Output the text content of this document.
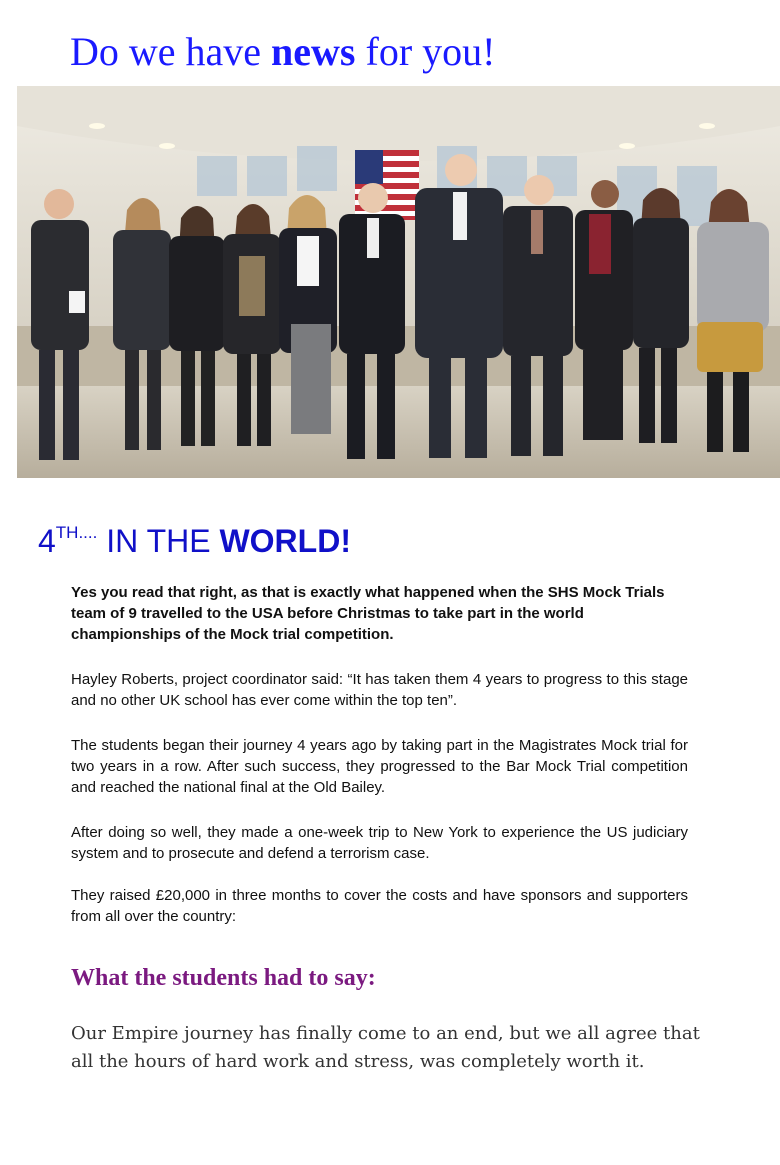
Do we have news for you!
$4^{TH....}$ IN THE WORLD!
Yes you read that right, as that is exactly what happened when the SHS Mock Trials team of 9 travelled to the USA before Christmas to take part in the world championships of the Mock trial competition.
Hayley Roberts, project coordinator said: “It has taken them 4 years to progress to this stage and no other UK school has ever come within the top ten”.
The students began their journey 4 years ago by taking part in the Magistrates Mock trial for two years in a row. After such success, they progressed to the Bar Mock Trial competition and reached the national final at the Old Bailey.
After doing so well, they made a one-week trip to New York to experience the US judiciary system and to prosecute and defend a terrorism case.
They raised £20,000 in three months to cover the costs and have sponsors and supporters from all over the country:
What the students had to say:
Our Empire journey has finally come to an end, but we all agree that all the hours of hard work and stress, was completely worth it.
